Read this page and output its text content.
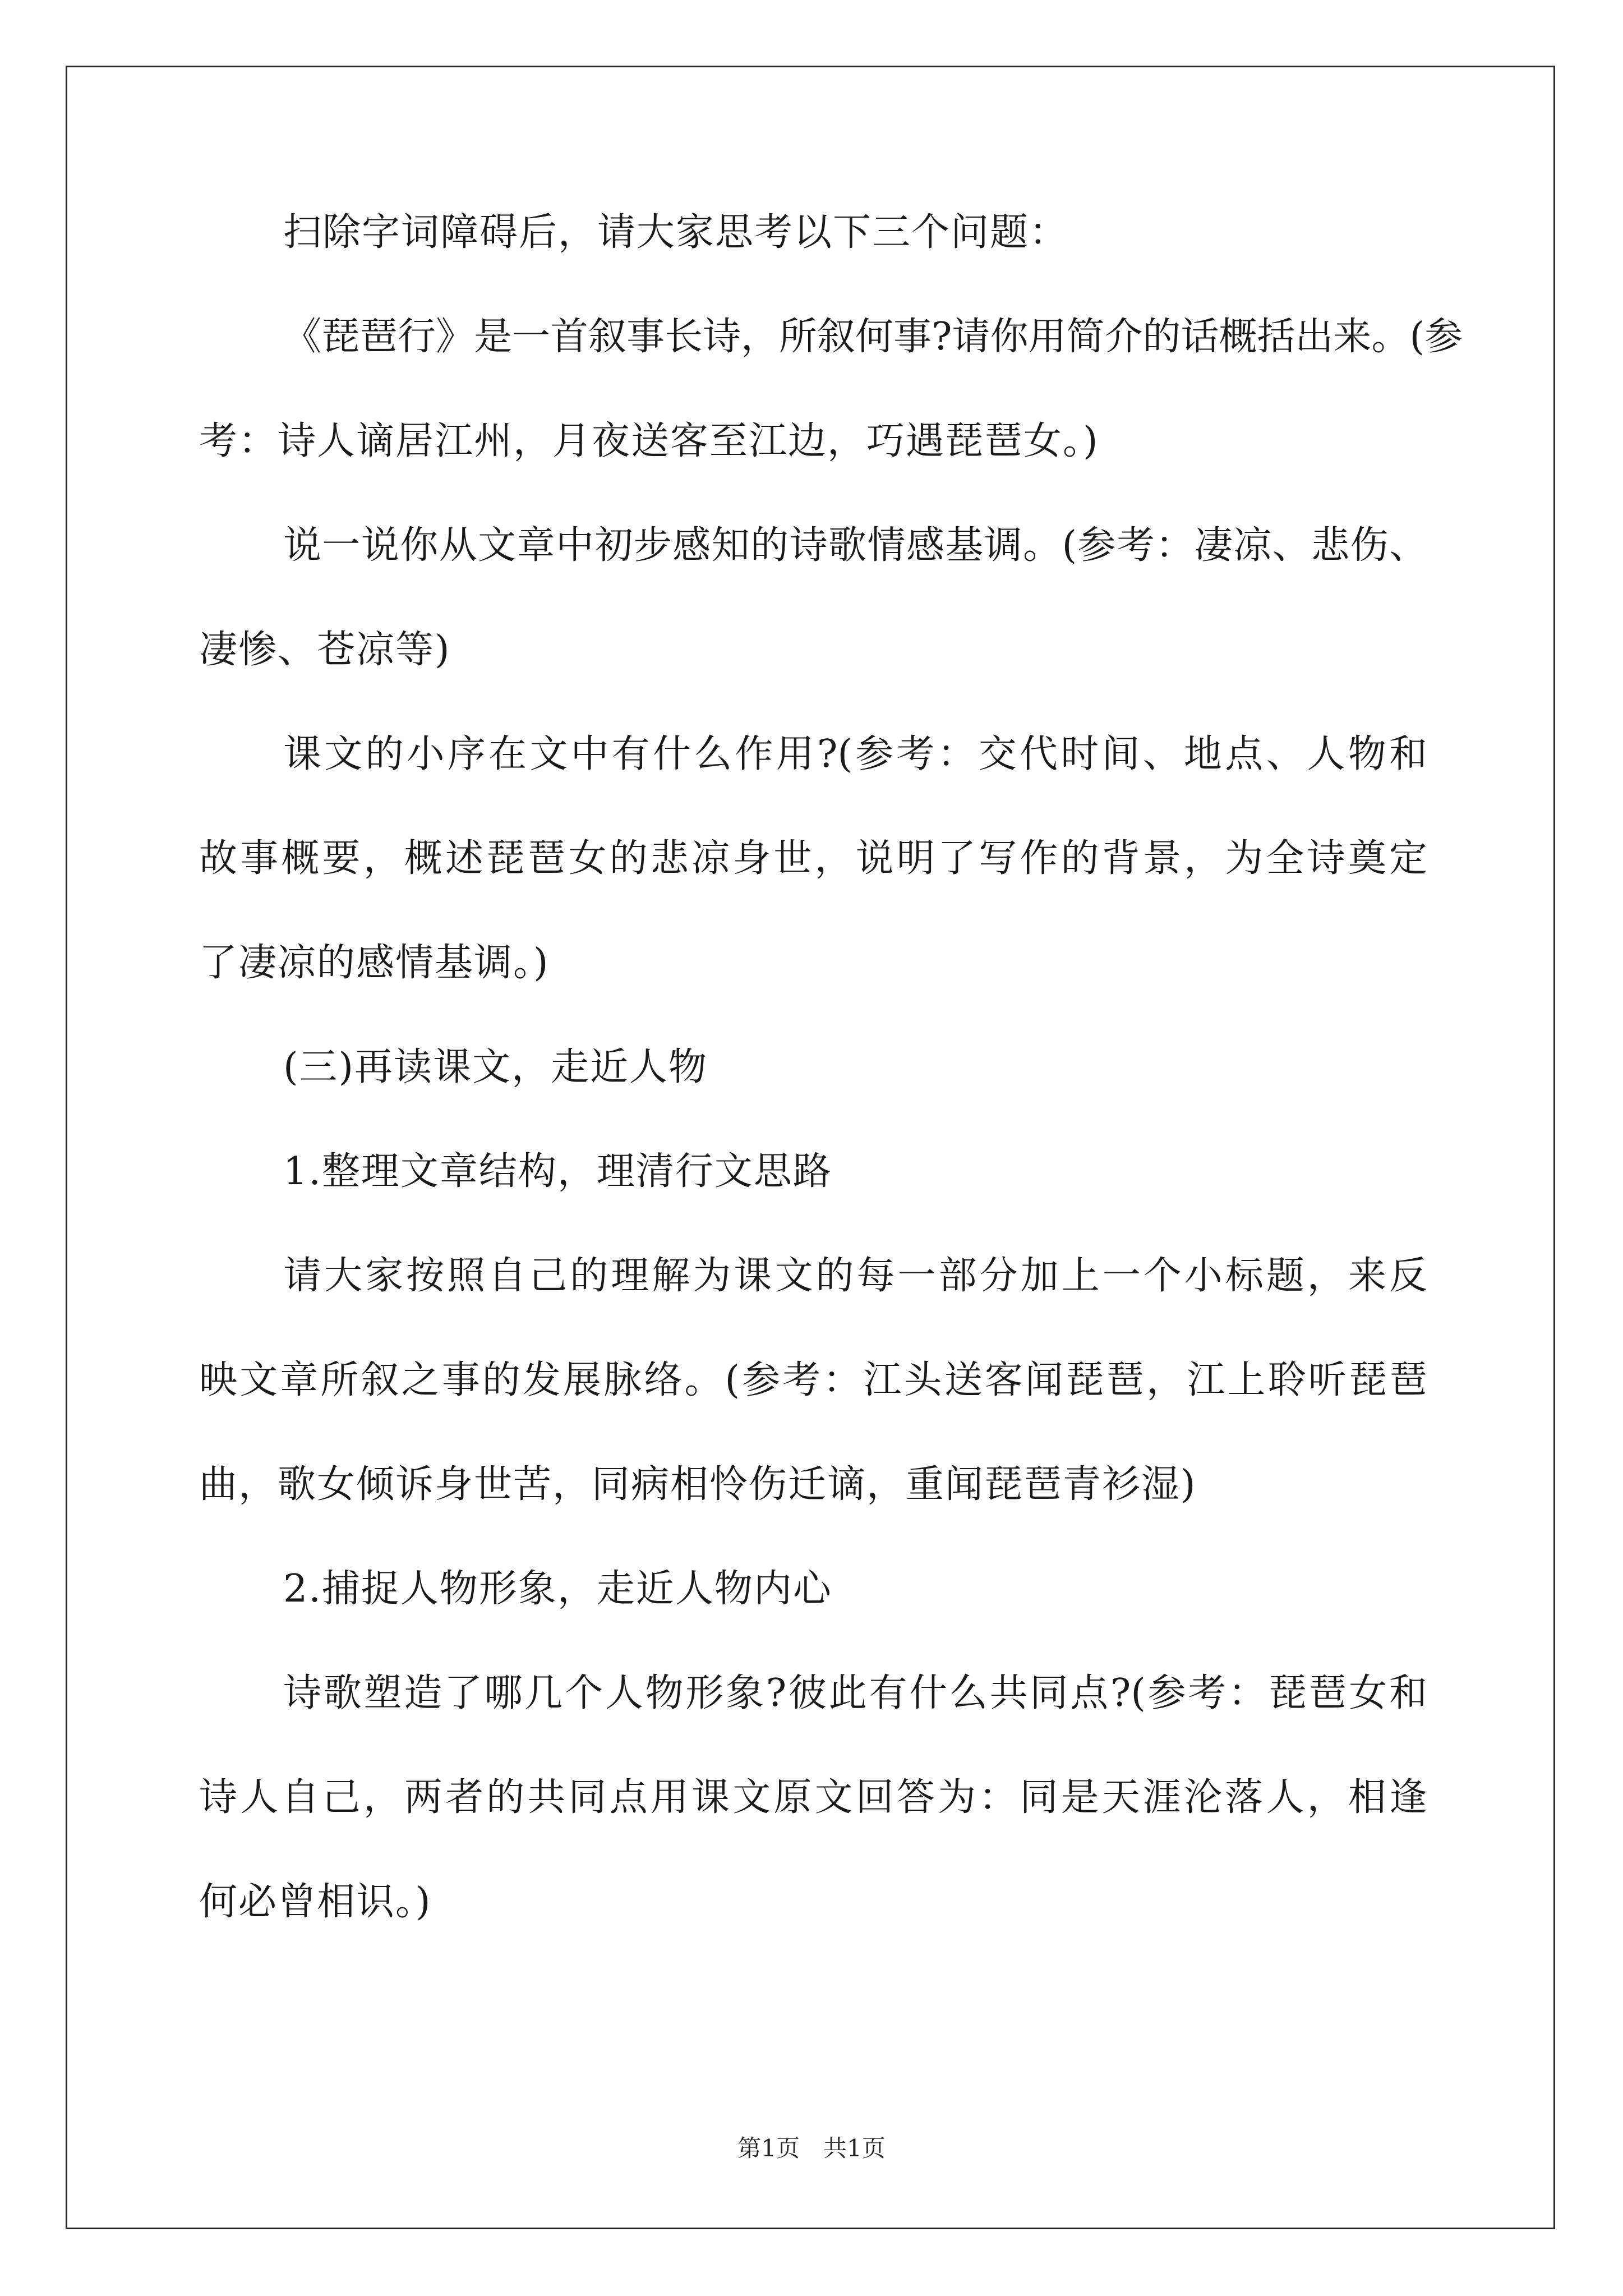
扫除字词障碍后，请大家思考以下三个问题：
《琵琶行》是一首叙事长诗，所叙何事?请你用简介的话概括出来。(参
考：诗人谪居江州，月夜送客至江边，巧遇琵琶女。)
说一说你从文章中初步感知的诗歌情感基调。(参考：凄凉、悲伤、
凄惨、苍凉等)
课文的小序在文中有什么作用?(参考：交代时间、地点、人物和
故事概要，概述琵琶女的悲凉身世，说明了写作的背景，为全诗奠定
了凄凉的感情基调。)
(三)再读课文，走近人物
1.整理文章结构，理清行文思路
请大家按照自己的理解为课文的每一部分加上一个小标题，来反
映文章所叙之事的发展脉络。(参考：江头送客闻琵琶，江上聆听琵琶
曲，歌女倾诉身世苦，同病相怜伤迁谪，重闻琵琶青衫湿)
2.捕捉人物形象，走近人物内心
诗歌塑造了哪几个人物形象?彼此有什么共同点?(参考：琵琶女和
诗人自己，两者的共同点用课文原文回答为：同是天涯沦落人，相逢
何必曾相识。)
第1页　共1页
